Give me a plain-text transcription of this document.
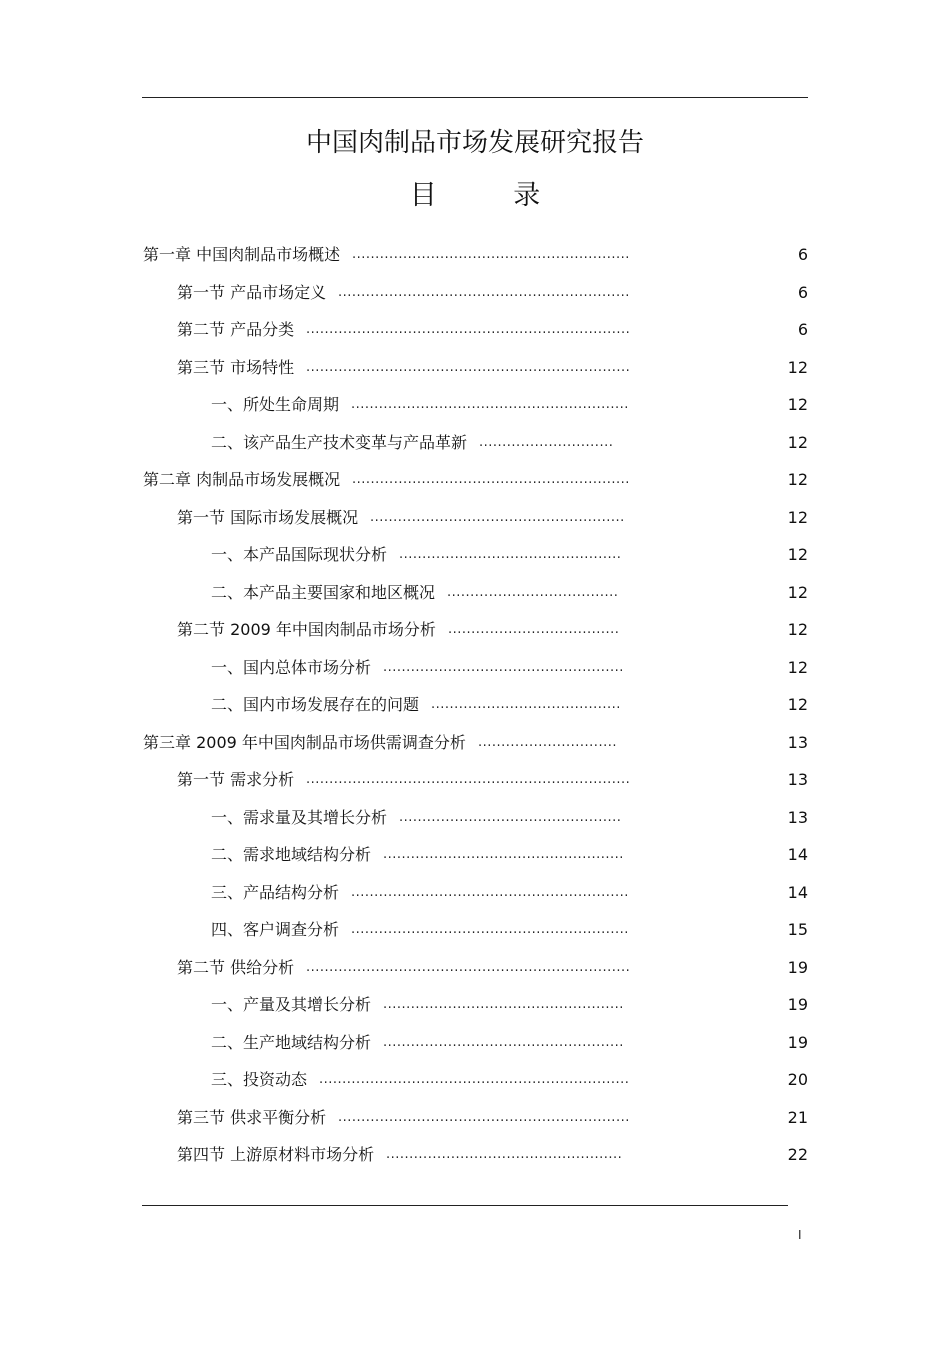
中国肉制品市场发展研究报告
目 录
第一章 中国肉制品市场概述 ............................................................	6
第一节 产品市场定义 ...............................................................	6
第二节 产品分类 ......................................................................	6
第三节 市场特性 ......................................................................	12
一、所处生命周期 ............................................................	12
二、该产品生产技术变革与产品革新 .............................	12
第二章 肉制品市场发展概况 ............................................................	12
第一节 国际市场发展概况 .......................................................	12
一、本产品国际现状分析 ................................................	12
二、本产品主要国家和地区概况 .....................................	12
第二节 2009 年中国肉制品市场分析 .....................................	12
一、国内总体市场分析 ....................................................	12
二、国内市场发展存在的问题 .........................................	12
第三章 2009 年中国肉制品市场供需调查分析 ..............................	13
第一节 需求分析 ......................................................................	13
一、需求量及其增长分析 ................................................	13
二、需求地域结构分析 ....................................................	14
三、产品结构分析 ............................................................	14
四、客户调查分析 ............................................................	15
第二节 供给分析 ......................................................................	19
一、产量及其增长分析 ....................................................	19
二、生产地域结构分析 ....................................................	19
三、投资动态 ...................................................................	20
第三节 供求平衡分析 ...............................................................	21
第四节 上游原材料市场分析 ...................................................	22
I
